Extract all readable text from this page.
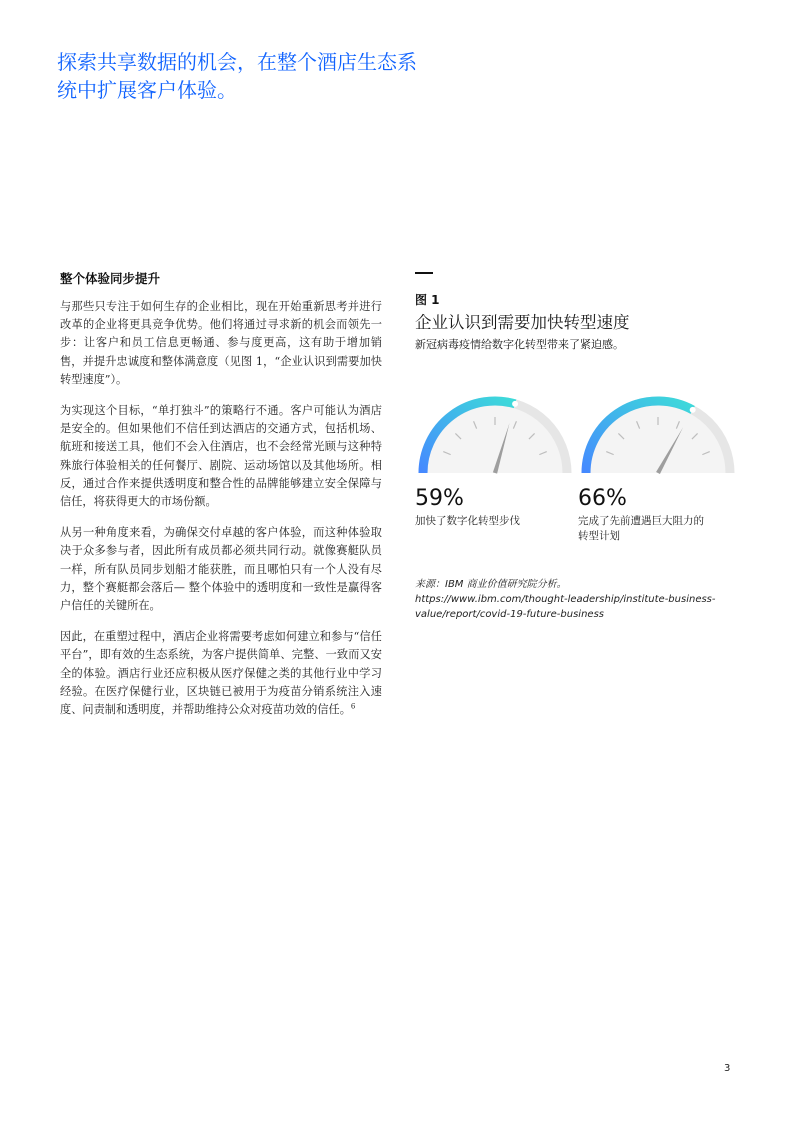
探索共享数据的机会，在整个酒店生态系统中扩展客户体验。
整个体验同步提升

与那些只专注于如何生存的企业相比，现在开始重新思考并进行改革的企业将更具竞争优势。他们将通过寻求新的机会而领先一步：让客户和员工信息更畅通、参与度更高，这有助于增加销售，并提升忠诚度和整体满意度（见图 1，“企业认识到需要加快转型速度”）。

为实现这个目标，“单打独斗”的策略行不通。客户可能认为酒店是安全的。但如果他们不信任到达酒店的交通方式，包括机场、航班和接送工具，他们不会入住酒店，也不会经常光顾与这种特殊旅行体验相关的任何餐厅、剧院、运动场馆以及其他场所。相反，通过合作来提供透明度和整合性的品牌能够建立安全保障与信任，将获得更大的市场份额。

从另一种角度来看，为确保交付卓越的客户体验，而这种体验取决于众多参与者，因此所有成员都必须共同行动。就像赛艇队员一样，所有队员同步划船才能获胜，而且哪怕只有一个人没有尽力，整个赛艇都会落后— 整个体验中的透明度和一致性是赢得客户信任的关键所在。

因此，在重塑过程中，酒店企业将需要考虑如何建立和参与“信任平台”，即有效的生态系统，为客户提供简单、完整、一致而又安全的体验。酒店行业还应积极从医疗保健之类的其他行业中学习经验。在医疗保健行业，区块链已被用于为疫苗分销系统注入速度、问责制和透明度，并帮助维持公众对疫苗功效的信任。$^6$

图 1

企业认识到需要加快转型速度

新冠病毒疫情给数字化转型带来了紧迫感。

59%

加快了数字化转型步伐

66%

完成了先前遭遇巨大阻力的转型计划

来源：IBM 商业价值研究院分析。

https://www.ibm.com/thought-leadership/institute-business-value/report/covid-19-future-business

3
